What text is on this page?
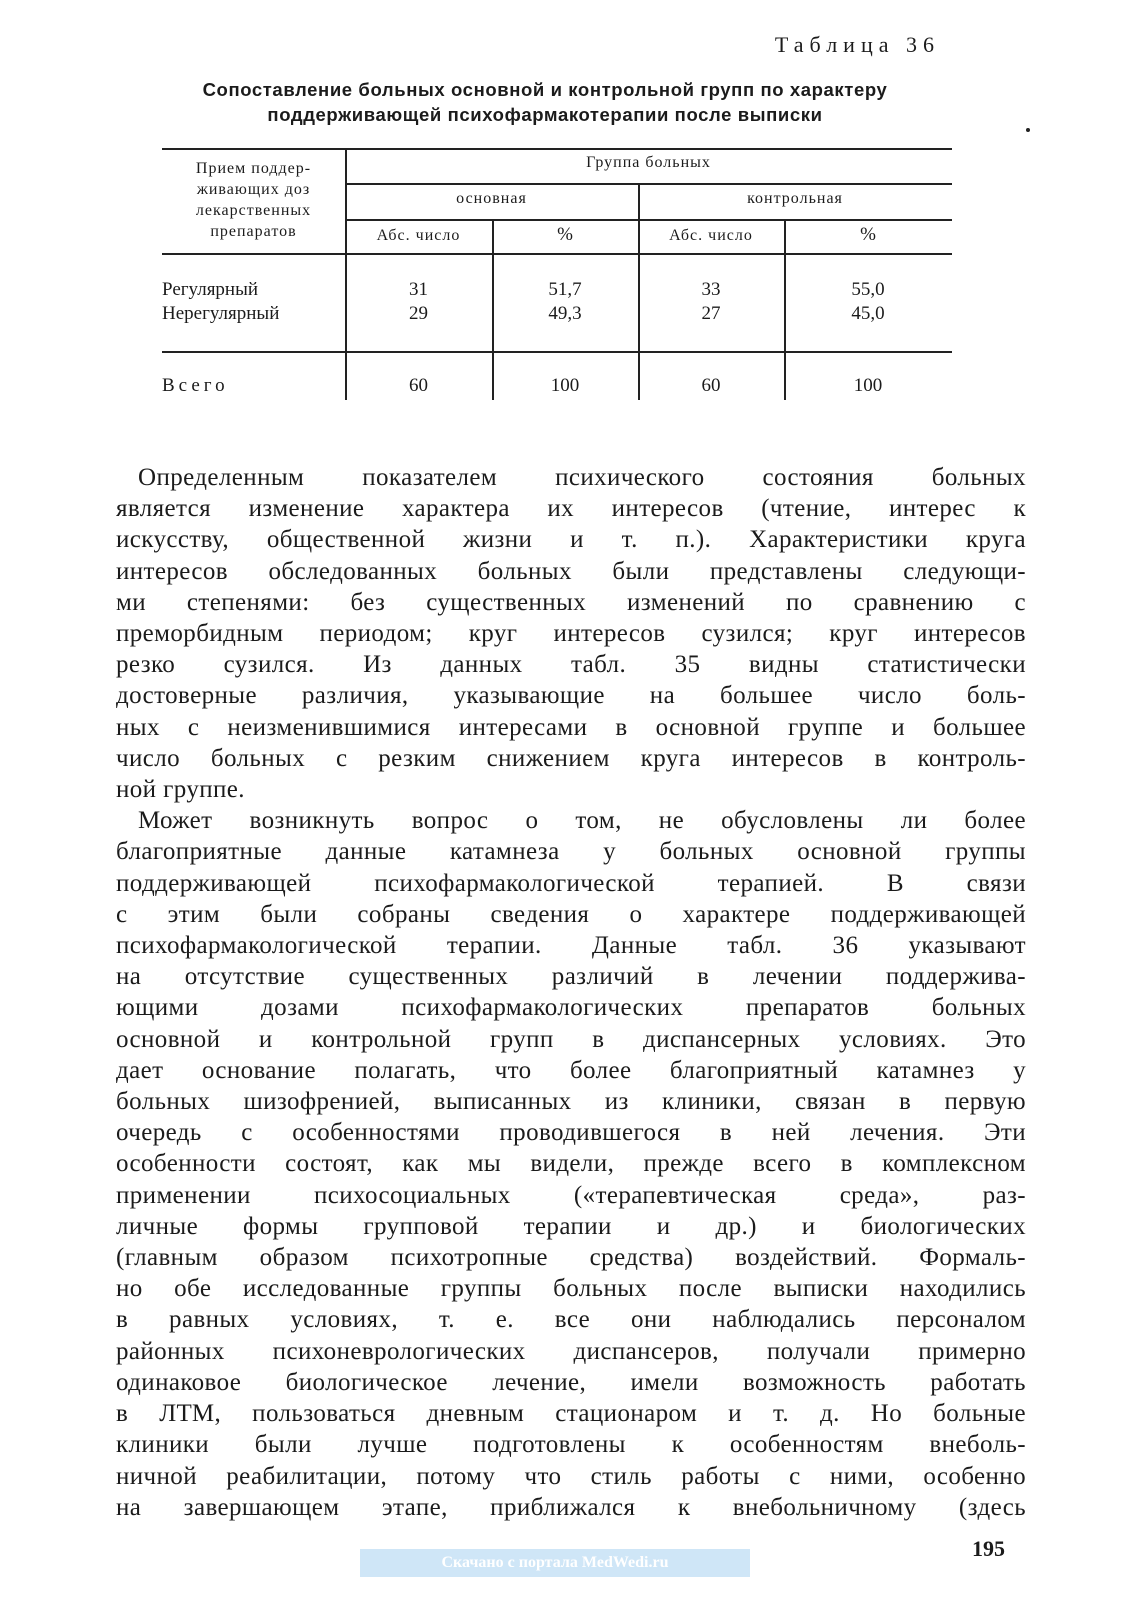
Таблица 36
Сопоставление больных основной и контрольной групп по характеру
поддерживающей психофармакотерапии после выписки
Прием поддер-
живающих доз
лекарственных
препаратов
Группа больных
основная	контрольная
Абс. число	%	Абс. число	%
Регулярный	31	51,7	33	55,0
Нерегулярный	29	49,3	27	45,0
Всего	60	100	60	100
Определенным показателем психического состояния больных
является изменение характера их интересов (чтение, интерес к
искусству, общественной жизни и т. п.). Характеристики круга
интересов обследованных больных были представлены следующи-
ми степенями: без существенных изменений по сравнению с
преморбидным периодом; круг интересов сузился; круг интересов
резко сузился. Из данных табл. 35 видны статистически
достоверные различия, указывающие на большее число боль-
ных с неизменившимися интересами в основной группе и большее
число больных с резким снижением круга интересов в контроль-
ной группе.
Может возникнуть вопрос о том, не обусловлены ли более
благоприятные данные катамнеза у больных основной группы
поддерживающей психофармакологической терапией. В связи
с этим были собраны сведения о характере поддерживающей
психофармакологической терапии. Данные табл. 36 указывают
на отсутствие существенных различий в лечении поддержива-
ющими дозами психофармакологических препаратов больных
основной и контрольной групп в диспансерных условиях. Это
дает основание полагать, что более благоприятный катамнез у
больных шизофренией, выписанных из клиники, связан в первую
очередь с особенностями проводившегося в ней лечения. Эти
особенности состоят, как мы видели, прежде всего в комплексном
применении психосоциальных («терапевтическая среда», раз-
личные формы групповой терапии и др.) и биологических
(главным образом психотропные средства) воздействий. Формаль-
но обе исследованные группы больных после выписки находились
в равных условиях, т. е. все они наблюдались персоналом
районных психоневрологических диспансеров, получали примерно
одинаковое биологическое лечение, имели возможность работать
в ЛТМ, пользоваться дневным стационаром и т. д. Но больные
клиники были лучше подготовлены к особенностям внеболь-
ничной реабилитации, потому что стиль работы с ними, особенно
на завершающем этапе, приближался к внебольничному (здесь
Скачано с портала MedWedi.ru
195
